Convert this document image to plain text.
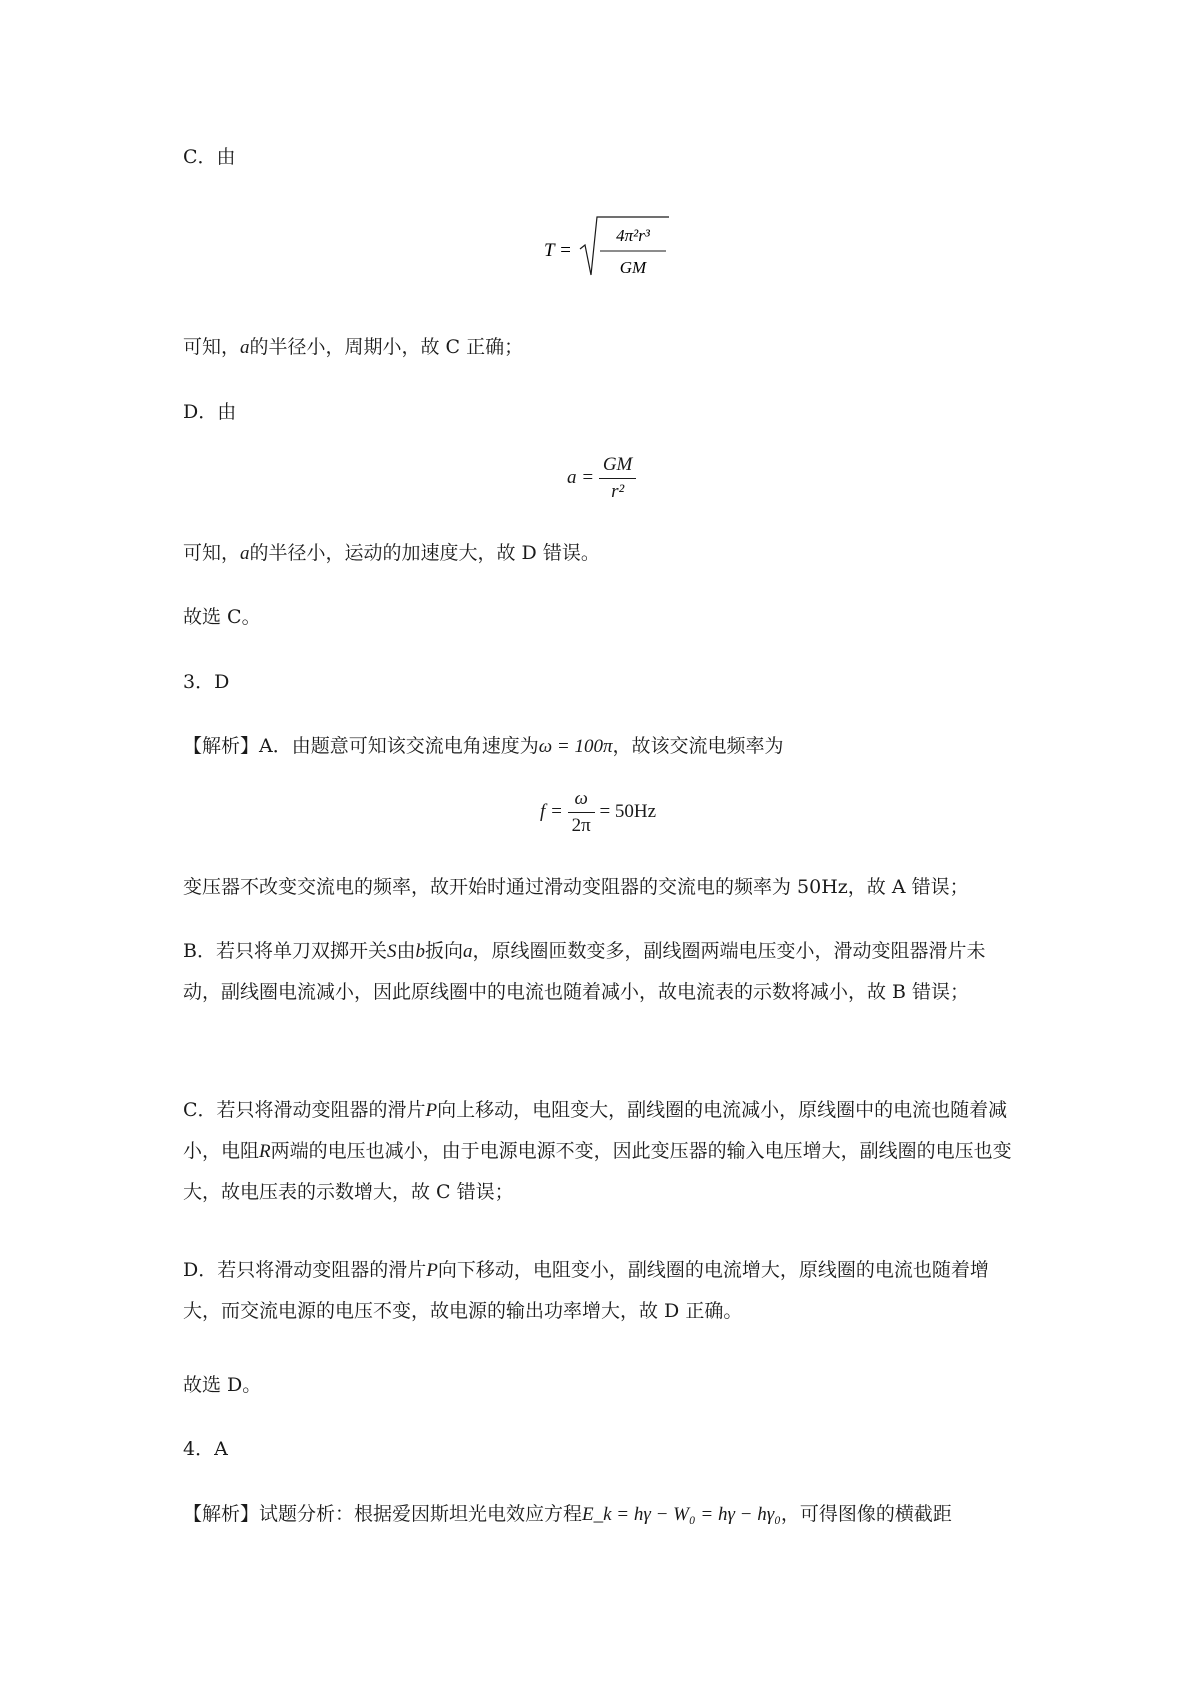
C．由
T =
4π²r³
GM
可知，a的半径小，周期小，故 C 正确；
D．由
$a = \frac{GM}{\text{r²}}$
可知，a的半径小，运动的加速度大，故 D 错误。
故选 C。
3．D
【解析】A．由题意可知该交流电角速度为ω = 100π，故该交流电频率为
$f = \frac{\omega}{2\pi} = 50Hz$
变压器不改变交流电的频率，故开始时通过滑动变阻器的交流电的频率为 50Hz，故 A 错误；
B．若只将单刀双掷开关S由b扳向a，原线圈匝数变多，副线圈两端电压变小，滑动变阻器滑片未动，副线圈电流减小，因此原线圈中的电流也随着减小，故电流表的示数将减小，故 B 错误；
C．若只将滑动变阻器的滑片P向上移动，电阻变大，副线圈的电流减小，原线圈中的电流也随着减小，电阻R两端的电压也减小，由于电源电源不变，因此变压器的输入电压增大，副线圈的电压也变大，故电压表的示数增大，故 C 错误；
D．若只将滑动变阻器的滑片P向下移动，电阻变小，副线圈的电流增大，原线圈的电流也随着增大，而交流电源的电压不变，故电源的输出功率增大，故 D 正确。
故选 D。
4．A
【解析】试题分析：根据爱因斯坦光电效应方程E_k = hγ − W₀ = hγ − hγ₀，可得图像的横截距
